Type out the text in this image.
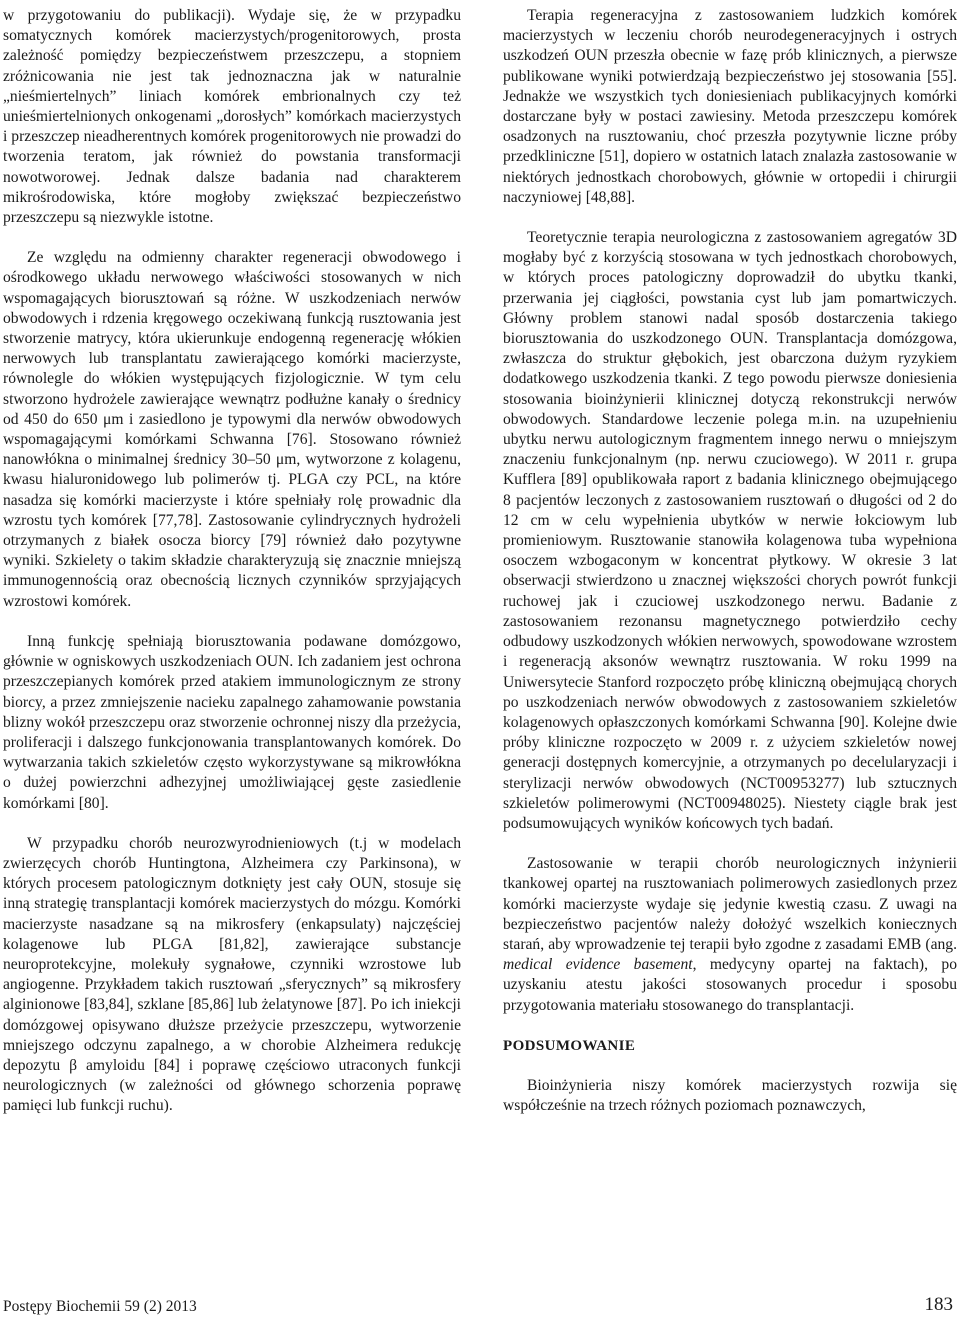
w przygotowaniu do publikacji). Wydaje się, że w przypadku somatycznych komórek macierzystych/progenitorowych, prosta zależność pomiędzy bezpieczeństwem przeszczepu, a stopniem zróżnicowania nie jest tak jednoznaczna jak w naturalnie „nieśmiertelnych” liniach komórek embrionalnych czy też unieśmiertelnionych onkogenami „dorosłych” komórkach macierzystych i przeszczep nieadherentnych komórek progenitorowych nie prowadzi do tworzenia teratom, jak również do powstania transformacji nowotworowej. Jednak dalsze badania nad charakterem mikrośrodowiska, które mogłoby zwiększać bezpieczeństwo przeszczepu są niezwykle istotne.

Ze względu na odmienny charakter regeneracji obwodowego i ośrodkowego układu nerwowego właściwości stosowanych w nich wspomagających biorusztowań są różne. W uszkodzeniach nerwów obwodowych i rdzenia kręgowego oczekiwaną funkcją rusztowania jest stworzenie matrycy, która ukierunkuje endogenną regenerację włókien nerwowych lub transplantatu zawierającego komórki macierzyste, równolegle do włókien występujących fizjologicznie. W tym celu stworzono hydrożele zawierające wewnątrz podłużne kanały o średnicy od 450 do 650 μm i zasiedlono je typowymi dla nerwów obwodowych wspomagającymi komórkami Schwanna [76]. Stosowano również nanowłókna o minimalnej średnicy 30–50 μm, wytworzone z kolagenu, kwasu hialuronidowego lub polimerów tj. PLGA czy PCL, na które nasadza się komórki macierzyste i które spełniały rolę prowadnic dla wzrostu tych komórek [77,78]. Zastosowanie cylindrycznych hydrożeli otrzymanych z białek osocza biorcy [79] również dało pozytywne wyniki. Szkielety o takim składzie charakteryzują się znacznie mniejszą immunogennością oraz obecnością licznych czynników sprzyjających wzrostowi komórek.

Inną funkcję spełniają biorusztowania podawane domózgowo, głównie w ogniskowych uszkodzeniach OUN. Ich zadaniem jest ochrona przeszczepianych komórek przed atakiem immunologicznym ze strony biorcy, a przez zmniejszenie nacieku zapalnego zahamowanie powstania blizny wokół przeszczepu oraz stworzenie ochronnej niszy dla przeżycia, proliferacji i dalszego funkcjonowania transplantowanych komórek. Do wytwarzania takich szkieletów często wykorzystywane są mikrowłókna o dużej powierzchni adhezyjnej umożliwiającej gęste zasiedlenie komórkami [80].

W przypadku chorób neurozwyrodnieniowych (t.j w modelach zwierzęcych chorób Huntingtona, Alzheimera czy Parkinsona), w których procesem patologicznym dotknięty jest cały OUN, stosuje się inną strategię transplantacji komórek macierzystych do mózgu. Komórki macierzyste nasadzane są na mikrosfery (enkapsulaty) najczęściej kolagenowe lub PLGA [81,82], zawierające substancje neuroprotekcyjne, molekuły sygnałowe, czynniki wzrostowe lub angiogenne. Przykładem takich rusztowań „sferycznych” są mikrosfery alginionowe [83,84], szklane [85,86] lub żelatynowe [87]. Po ich iniekcji domózgowej opisywano dłuższe przeżycie przeszczepu, wytworzenie mniejszego odczynu zapalnego, a w chorobie Alzheimera redukcję depozytu β amyloidu [84] i poprawę częściowo utraconych funkcji neurologicznych (w zależności od głównego schorzenia poprawę pamięci lub funkcji ruchu).

Terapia regeneracyjna z zastosowaniem ludzkich komórek macierzystych w leczeniu chorób neurodegeneracyjnych i ostrych uszkodzeń OUN przeszła obecnie w fazę prób klinicznych, a pierwsze publikowane wyniki potwierdzają bezpieczeństwo jej stosowania [55]. Jednakże we wszystkich tych doniesieniach publikacyjnych komórki dostarczane były w postaci zawiesiny. Metoda przeszczepu komórek osadzonych na rusztowaniu, choć przeszła pozytywnie liczne próby przedkliniczne [51], dopiero w ostatnich latach znalazła zastosowanie w niektórych jednostkach chorobowych, głównie w ortopedii i chirurgii naczyniowej [48,88].

Teoretycznie terapia neurologiczna z zastosowaniem agregatów 3D mogłaby być z korzyścią stosowana w tych jednostkach chorobowych, w których proces patologiczny doprowadził do ubytku tkanki, przerwania jej ciągłości, powstania cyst lub jam pomartwiczych. Główny problem stanowi nadal sposób dostarczenia takiego biorusztowania do uszkodzonego OUN. Transplantacja domózgowa, zwłaszcza do struktur głębokich, jest obarczona dużym ryzykiem dodatkowego uszkodzenia tkanki. Z tego powodu pierwsze doniesienia stosowania bioinżynierii klinicznej dotyczą rekonstrukcji nerwów obwodowych. Standardowe leczenie polega m.in. na uzupełnieniu ubytku nerwu autologicznym fragmentem innego nerwu o mniejszym znaczeniu funkcjonalnym (np. nerwu czuciowego). W 2011 r. grupa Kufflera [89] opublikowała raport z badania klinicznego obejmującego 8 pacjentów leczonych z zastosowaniem rusztowań o długości od 2 do 12 cm w celu wypełnienia ubytków w nerwie łokciowym lub promieniowym. Rusztowanie stanowiła kolagenowa tuba wypełniona osoczem wzbogaconym w koncentrat płytkowy. W okresie 3 lat obserwacji stwierdzono u znacznej większości chorych powrót funkcji ruchowej jak i czuciowej uszkodzonego nerwu. Badanie z zastosowaniem rezonansu magnetycznego potwierdziło cechy odbudowy uszkodzonych włókien nerwowych, spowodowane wzrostem i regeneracją aksonów wewnątrz rusztowania. W roku 1999 na Uniwersytecie Stanford rozpoczęto próbę kliniczną obejmującą chorych po uszkodzeniach nerwów obwodowych z zastosowaniem szkieletów kolagenowych opłaszczonych komórkami Schwanna [90]. Kolejne dwie próby kliniczne rozpoczęto w 2009 r. z użyciem szkieletów nowej generacji dostępnych komercyjnie, a otrzymanych po decelularyzacji i sterylizacji nerwów obwodowych (NCT00953277) lub sztucznych szkieletów polimerowymi (NCT00948025). Niestety ciągle brak jest podsumowujących wyników końcowych tych badań.

Zastosowanie w terapii chorób neurologicznych inżynierii tkankowej opartej na rusztowaniach polimerowych zasiedlonych przez komórki macierzyste wydaje się jedynie kwestią czasu. Z uwagi na bezpieczeństwo pacjentów należy dołożyć wszelkich koniecznych starań, aby wprowadzenie tej terapii było zgodne z zasadami EMB (ang. medical evidence basement, medycyny opartej na faktach), po uzyskaniu atestu jakości stosowanych procedur i sposobu przygotowania materiału stosowanego do transplantacji.

PODSUMOWANIE

Bioinżynieria niszy komórek macierzystych rozwija się współcześnie na trzech różnych poziomach poznawczych,

Postępy Biochemii 59 (2) 2013	183
